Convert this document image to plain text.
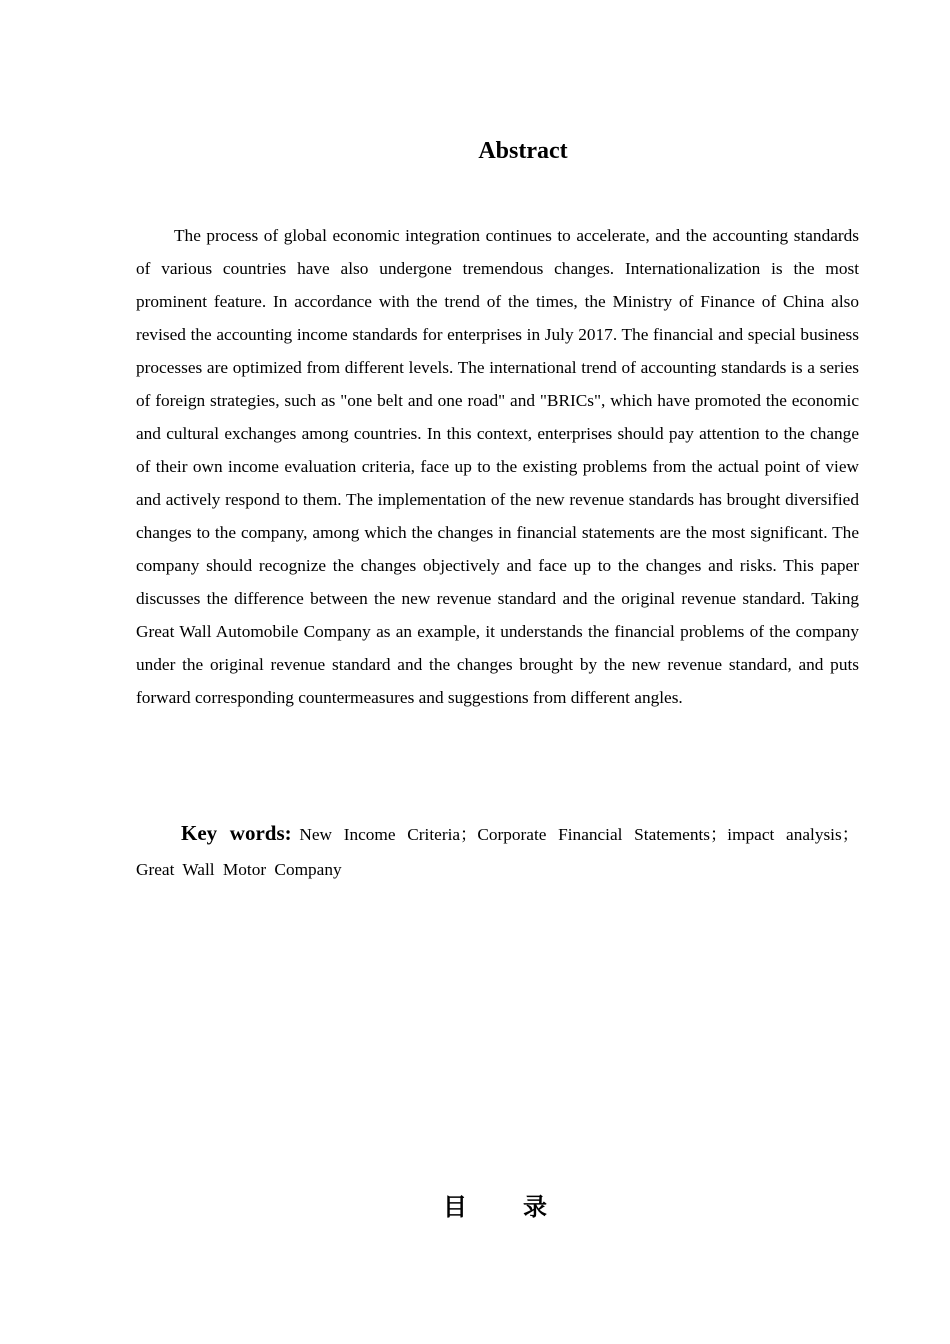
Abstract

The process of global economic integration continues to accelerate, and the accounting standards of various countries have also undergone tremendous changes. Internationalization is the most prominent feature. In accordance with the trend of the times, the Ministry of Finance of China also revised the accounting income standards for enterprises in July 2017. The financial and special business processes are optimized from different levels. The international trend of accounting standards is a series of foreign strategies, such as "one belt and one road" and "BRICs", which have promoted the economic and cultural exchanges among countries. In this context, enterprises should pay attention to the change of their own income evaluation criteria, face up to the existing problems from the actual point of view and actively respond to them. The implementation of the new revenue standards has brought diversified changes to the company, among which the changes in financial statements are the most significant. The company should recognize the changes objectively and face up to the changes and risks. This paper discusses the difference between the new revenue standard and the original revenue standard. Taking Great Wall Automobile Company as an example, it understands the financial problems of the company under the original revenue standard and the changes brought by the new revenue standard, and puts forward corresponding countermeasures and suggestions from different angles.

Key words: New Income Criteria；Corporate Financial Statements；impact analysis；Great Wall Motor Company

目录
